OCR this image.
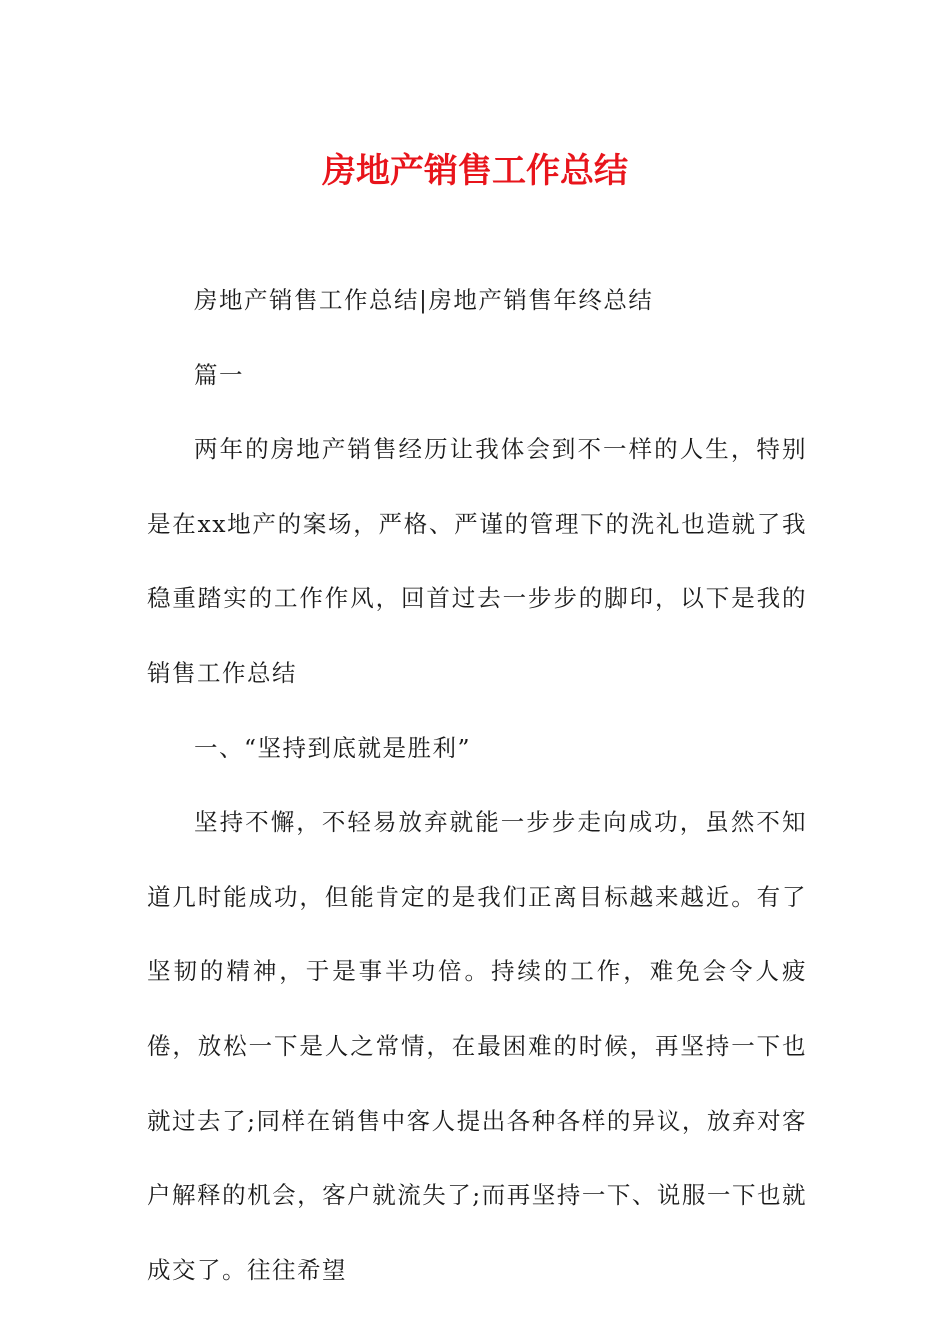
房地产销售工作总结

房地产销售工作总结|房地产销售年终总结

篇一

两年的房地产销售经历让我体会到不一样的人生，特别是在xx地产的案场，严格、严谨的管理下的洗礼也造就了我稳重踏实的工作作风，回首过去一步步的脚印，以下是我的销售工作总结

一、“坚持到底就是胜利”

坚持不懈，不轻易放弃就能一步步走向成功，虽然不知道几时能成功，但能肯定的是我们正离目标越来越近。有了坚韧的精神，于是事半功倍。持续的工作，难免会令人疲倦，放松一下是人之常情，在最困难的时候，再坚持一下也就过去了;同样在销售中客人提出各种各样的异议，放弃对客户解释的机会，客户就流失了;而再坚持一下、说服一下也就成交了。往往希望
